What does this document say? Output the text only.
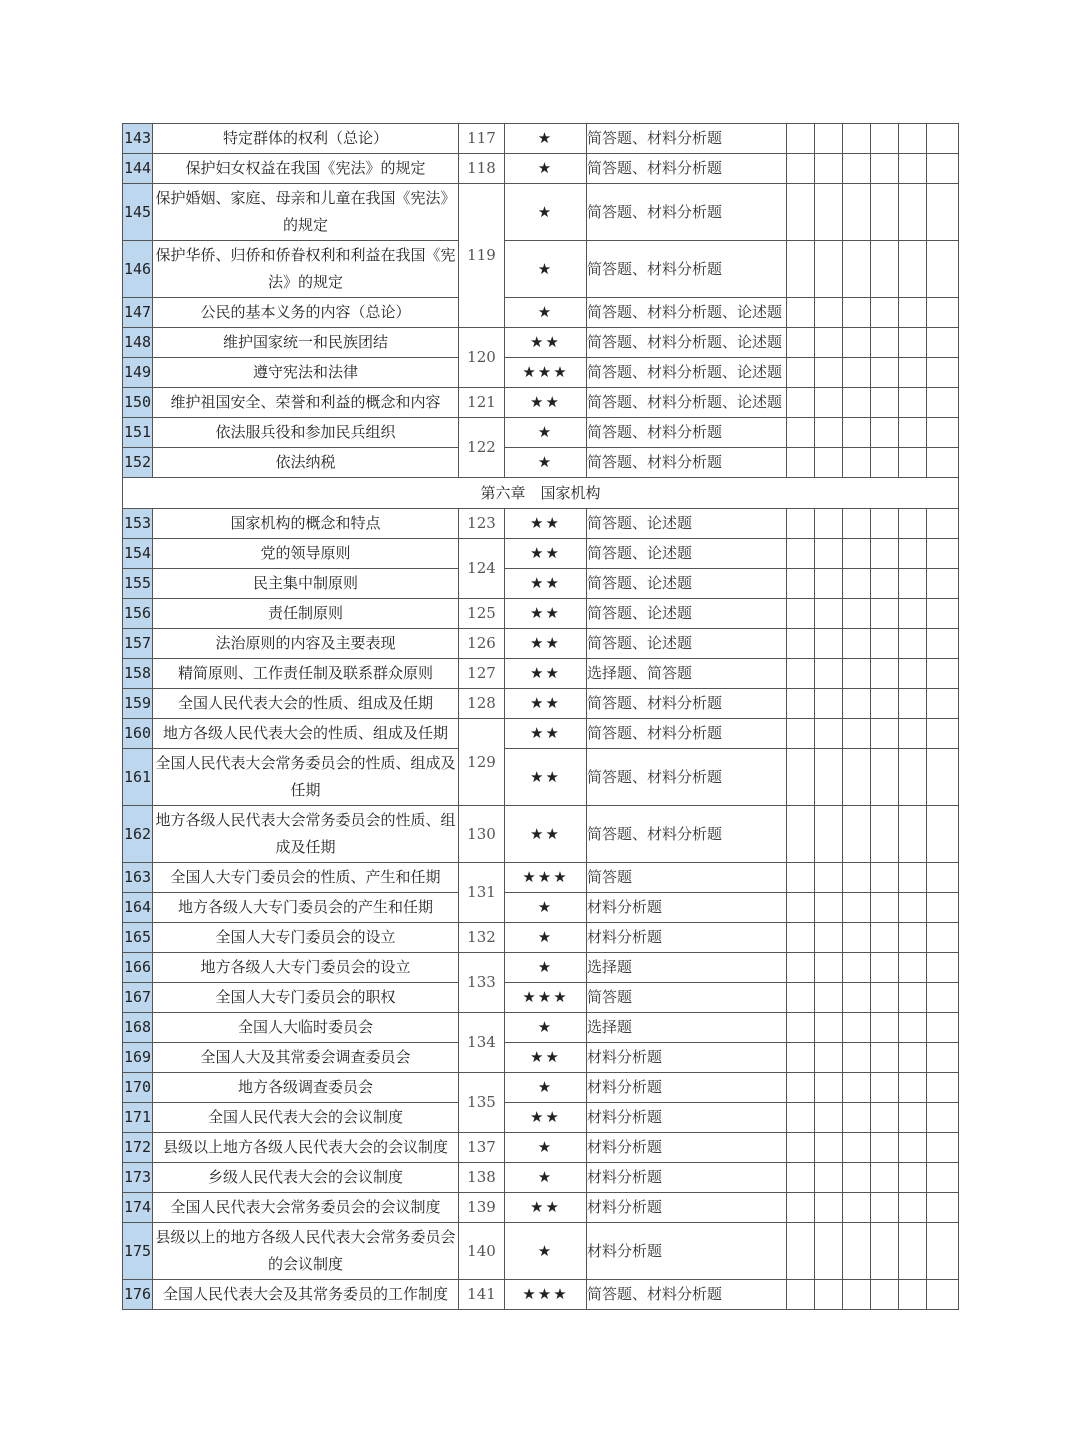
143	特定群体的权利（总论）	117	★	简答题、材料分析题						
144	保护妇女权益在我国《宪法》的规定	118	★	简答题、材料分析题						
145	保护婚姻、家庭、母亲和儿童在我国《宪法》的规定	119	★	简答题、材料分析题						
146	保护华侨、归侨和侨眷权利和利益在我国《宪法》的规定		★	简答题、材料分析题						
147	公民的基本义务的内容（总论）		★	简答题、材料分析题、论述题						
148	维护国家统一和民族团结	120	★★	简答题、材料分析题、论述题						
149	遵守宪法和法律		★★★	简答题、材料分析题、论述题						
150	维护祖国安全、荣誉和利益的概念和内容	121	★★	简答题、材料分析题、论述题						
151	依法服兵役和参加民兵组织	122	★	简答题、材料分析题						
152	依法纳税		★	简答题、材料分析题						
第六章　国家机构										
153	国家机构的概念和特点	123	★★	简答题、论述题						
154	党的领导原则	124	★★	简答题、论述题						
155	民主集中制原则		★★	简答题、论述题						
156	责任制原则	125	★★	简答题、论述题						
157	法治原则的内容及主要表现	126	★★	简答题、论述题						
158	精简原则、工作责任制及联系群众原则	127	★★	选择题、简答题						
159	全国人民代表大会的性质、组成及任期	128	★★	简答题、材料分析题						
160	地方各级人民代表大会的性质、组成及任期	129	★★	简答题、材料分析题						
161	全国人民代表大会常务委员会的性质、组成及任期		★★	简答题、材料分析题						
162	地方各级人民代表大会常务委员会的性质、组成及任期	130	★★	简答题、材料分析题						
163	全国人大专门委员会的性质、产生和任期	131	★★★	简答题						
164	地方各级人大专门委员会的产生和任期		★	材料分析题						
165	全国人大专门委员会的设立	132	★	材料分析题						
166	地方各级人大专门委员会的设立	133	★	选择题						
167	全国人大专门委员会的职权		★★★	简答题						
168	全国人大临时委员会	134	★	选择题						
169	全国人大及其常委会调查委员会		★★	材料分析题						
170	地方各级调查委员会	135	★	材料分析题						
171	全国人民代表大会的会议制度		★★	材料分析题						
172	县级以上地方各级人民代表大会的会议制度	137	★	材料分析题						
173	乡级人民代表大会的会议制度	138	★	材料分析题						
174	全国人民代表大会常务委员会的会议制度	139	★★	材料分析题						
175	县级以上的地方各级人民代表大会常务委员会的会议制度	140	★	材料分析题						
176	全国人民代表大会及其常务委员的工作制度	141	★★★	简答题、材料分析题						
